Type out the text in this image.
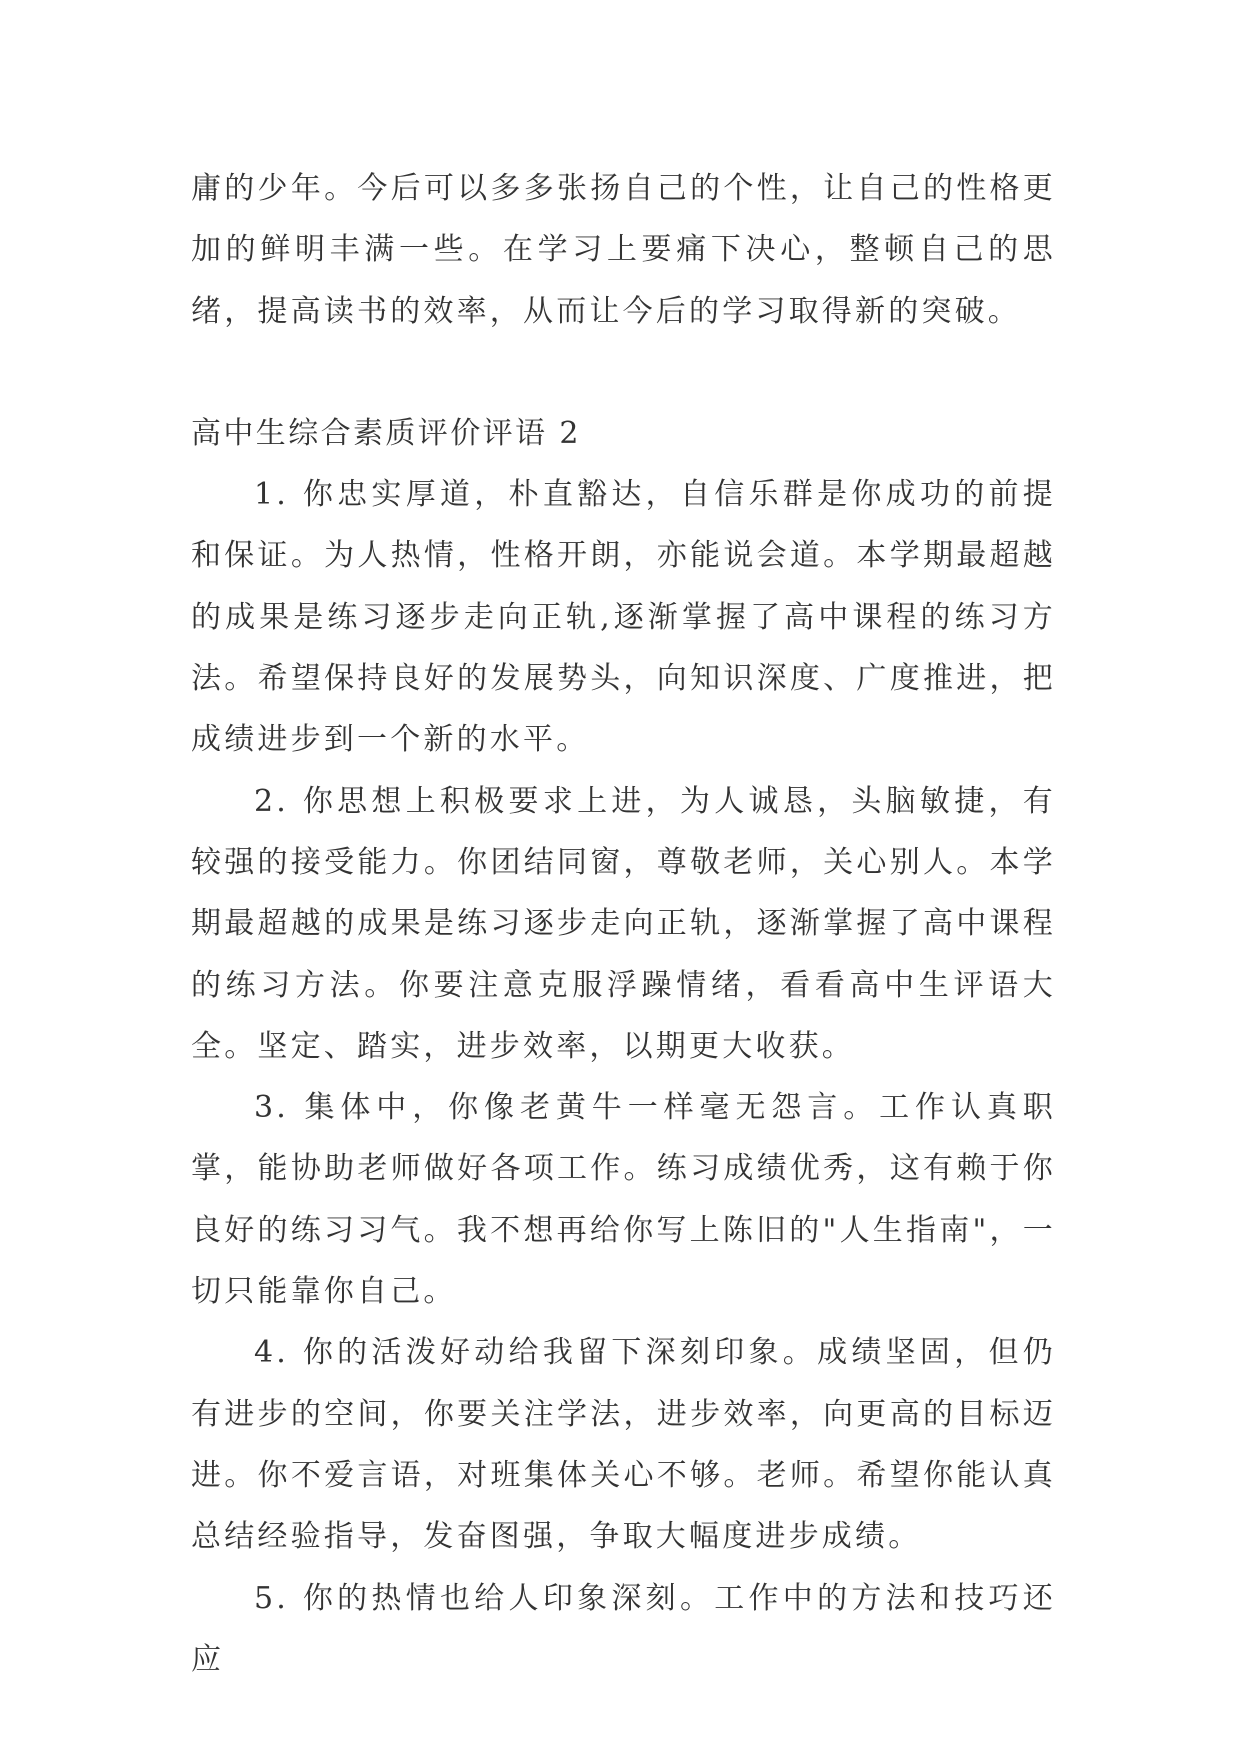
庸的少年。今后可以多多张扬自己的个性，让自己的性格更加的鲜明丰满一些。在学习上要痛下决心，整顿自己的思绪，提高读书的效率，从而让今后的学习取得新的突破。

高中生综合素质评价评语 2

1. 你忠实厚道，朴直豁达，自信乐群是你成功的前提和保证。为人热情，性格开朗，亦能说会道。本学期最超越的成果是练习逐步走向正轨,逐渐掌握了高中课程的练习方法。希望保持良好的发展势头，向知识深度、广度推进，把成绩进步到一个新的水平。

2. 你思想上积极要求上进，为人诚恳，头脑敏捷，有较强的接受能力。你团结同窗，尊敬老师，关心别人。本学期最超越的成果是练习逐步走向正轨，逐渐掌握了高中课程的练习方法。你要注意克服浮躁情绪，看看高中生评语大全。坚定、踏实，进步效率，以期更大收获。

3. 集体中，你像老黄牛一样毫无怨言。工作认真职掌，能协助老师做好各项工作。练习成绩优秀，这有赖于你良好的练习习气。我不想再给你写上陈旧的"人生指南"，一切只能靠你自己。

4. 你的活泼好动给我留下深刻印象。成绩坚固，但仍有进步的空间，你要关注学法，进步效率，向更高的目标迈进。你不爱言语，对班集体关心不够。老师。希望你能认真总结经验指导，发奋图强，争取大幅度进步成绩。

5. 你的热情也给人印象深刻。工作中的方法和技巧还应
